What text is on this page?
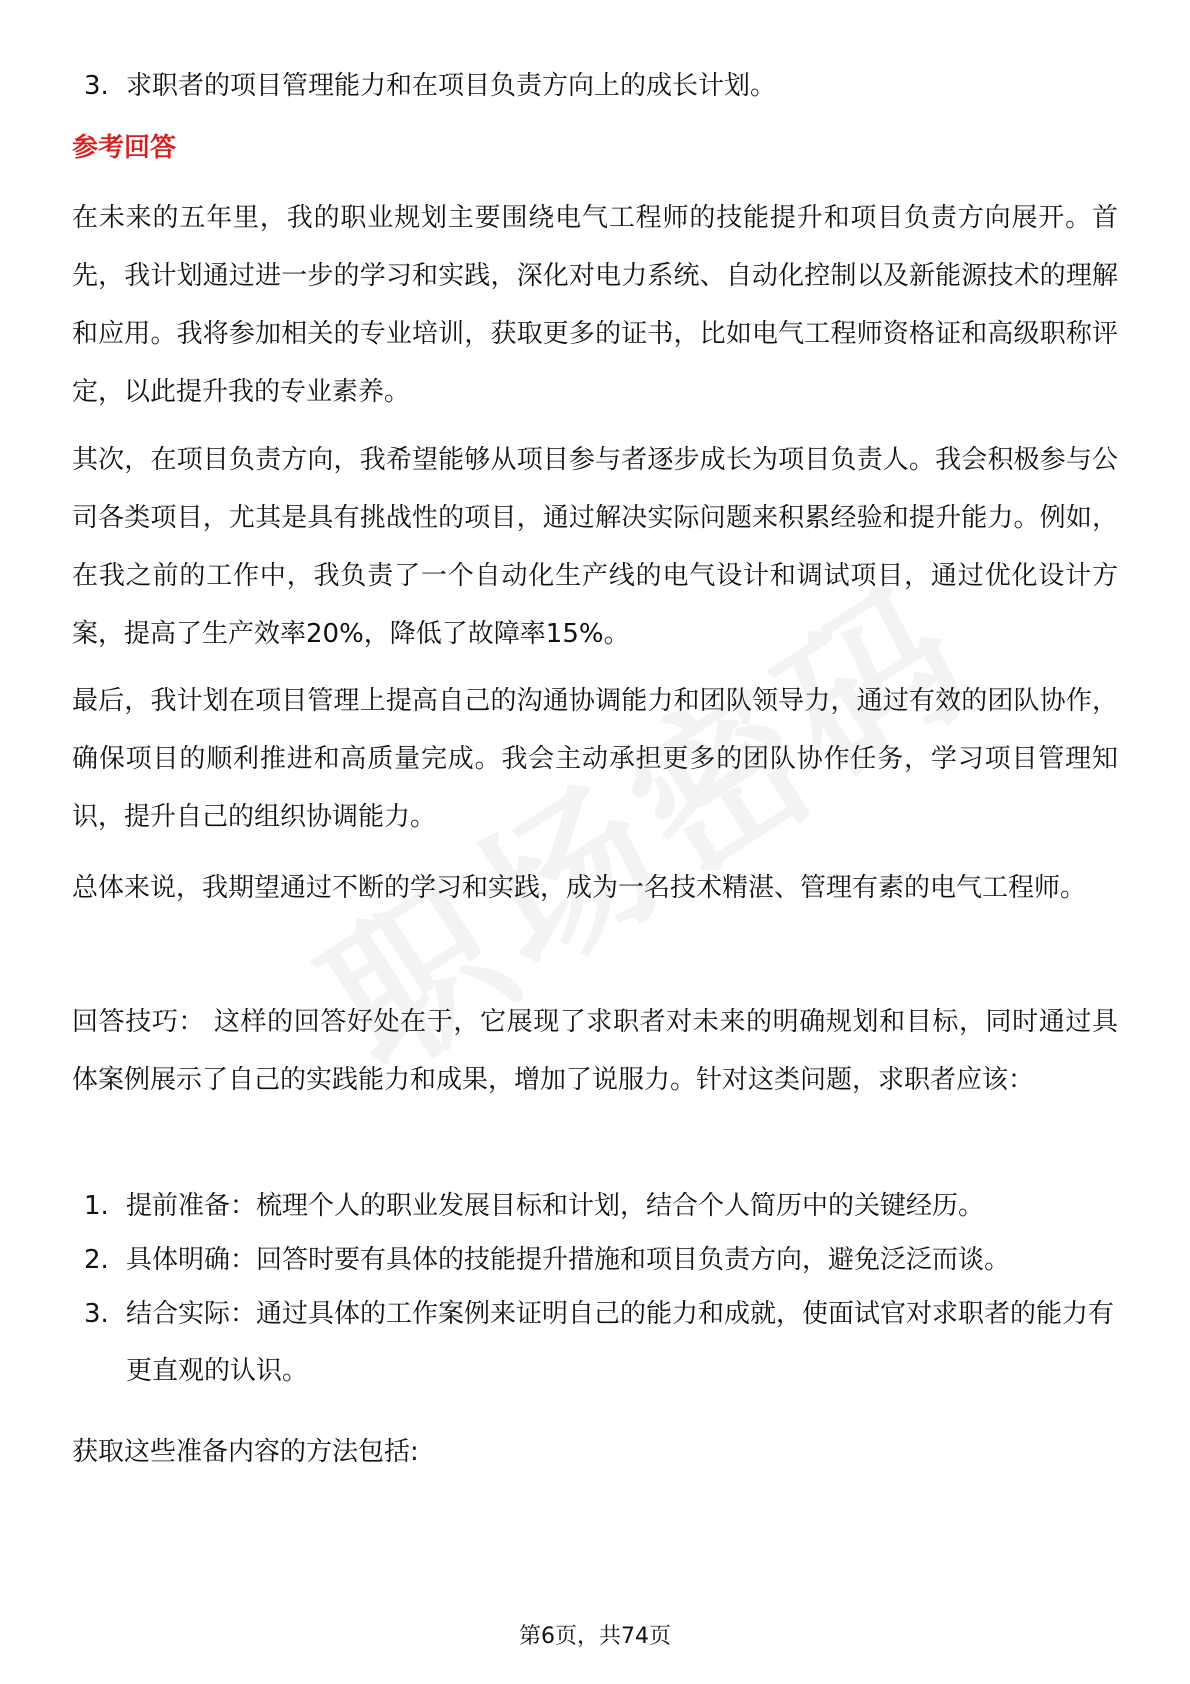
3. 求职者的项目管理能力和在项目负责方向上的成长计划。
参考回答
在未来的五年里，我的职业规划主要围绕电气工程师的技能提升和项目负责方向展开。首先，我计划通过进一步的学习和实践，深化对电力系统、自动化控制以及新能源技术的理解和应用。我将参加相关的专业培训，获取更多的证书，比如电气工程师资格证和高级职称评定，以此提升我的专业素养。
其次，在项目负责方向，我希望能够从项目参与者逐步成长为项目负责人。我会积极参与公司各类项目，尤其是具有挑战性的项目，通过解决实际问题来积累经验和提升能力。例如，在我之前的工作中，我负责了一个自动化生产线的电气设计和调试项目，通过优化设计方案，提高了生产效率20%，降低了故障率15%。
最后，我计划在项目管理上提高自己的沟通协调能力和团队领导力，通过有效的团队协作，确保项目的顺利推进和高质量完成。我会主动承担更多的团队协作任务，学习项目管理知识，提升自己的组织协调能力。
总体来说，我期望通过不断的学习和实践，成为一名技术精湛、管理有素的电气工程师。
回答技巧： 这样的回答好处在于，它展现了求职者对未来的明确规划和目标，同时通过具体案例展示了自己的实践能力和成果，增加了说服力。针对这类问题，求职者应该：
1. 提前准备：梳理个人的职业发展目标和计划，结合个人简历中的关键经历。
2. 具体明确：回答时要有具体的技能提升措施和项目负责方向，避免泛泛而谈。
3. 结合实际：通过具体的工作案例来证明自己的能力和成就，使面试官对求职者的能力有更直观的认识。
获取这些准备内容的方法包括:
第6页，共74页
